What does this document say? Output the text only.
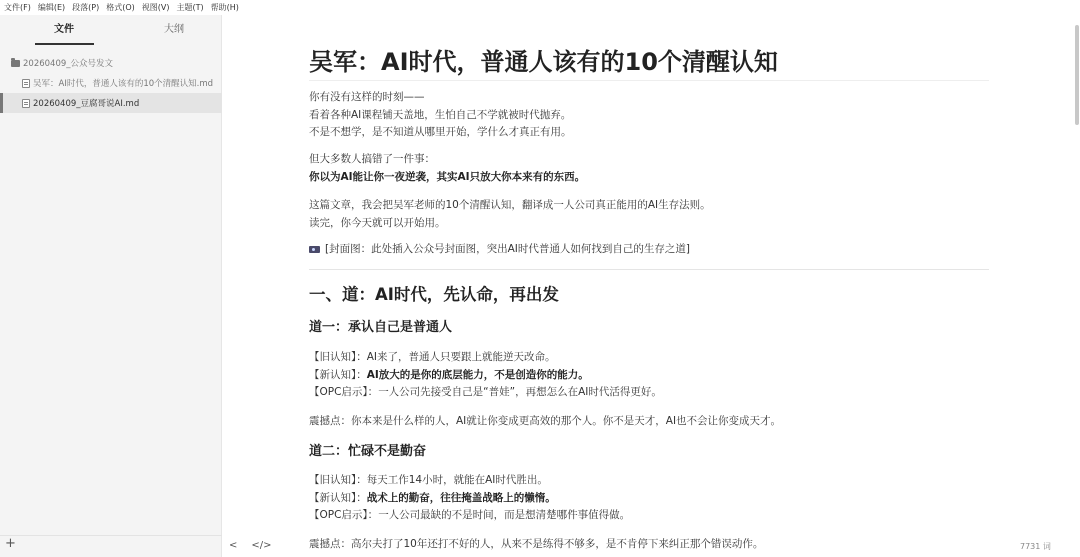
文件(F) 编辑(E) 段落(P) 格式(O) 视图(V) 主题(T) 帮助(H)
文件	大纲
20260409_公众号发文
吴军：AI时代，普通人该有的10个清醒认知.md
20260409_豆腐哥说AI.md
+
吴军：AI时代，普通人该有的10个清醒认知
你有没有这样的时刻——
看着各种AI课程铺天盖地，生怕自己不学就被时代抛弃。
不是不想学，是不知道从哪里开始，学什么才真正有用。
但大多数人搞错了一件事：
你以为AI能让你一夜逆袭，其实AI只放大你本来有的东西。
这篇文章，我会把吴军老师的10个清醒认知，翻译成一人公司真正能用的AI生存法则。
读完，你今天就可以开始用。
[封面图：此处插入公众号封面图，突出AI时代普通人如何找到自己的生存之道]
一、道：AI时代，先认命，再出发
道一：承认自己是普通人
【旧认知】：AI来了，普通人只要跟上就能逆天改命。
【新认知】：AI放大的是你的底层能力，不是创造你的能力。
【OPC启示】：一人公司先接受自己是“普娃”，再想怎么在AI时代活得更好。
震撼点：你本来是什么样的人，AI就让你变成更高效的那个人。你不是天才，AI也不会让你变成天才。
道二：忙碌不是勤奋
【旧认知】：每天工作14小时，就能在AI时代胜出。
【新认知】：战术上的勤奋，往往掩盖战略上的懒惰。
【OPC启示】：一人公司最缺的不是时间，而是想清楚哪件事值得做。
震撼点：高尔夫打了10年还打不好的人，从来不是练得不够多，是不肯停下来纠正那个错误动作。
< </>	7731 词
